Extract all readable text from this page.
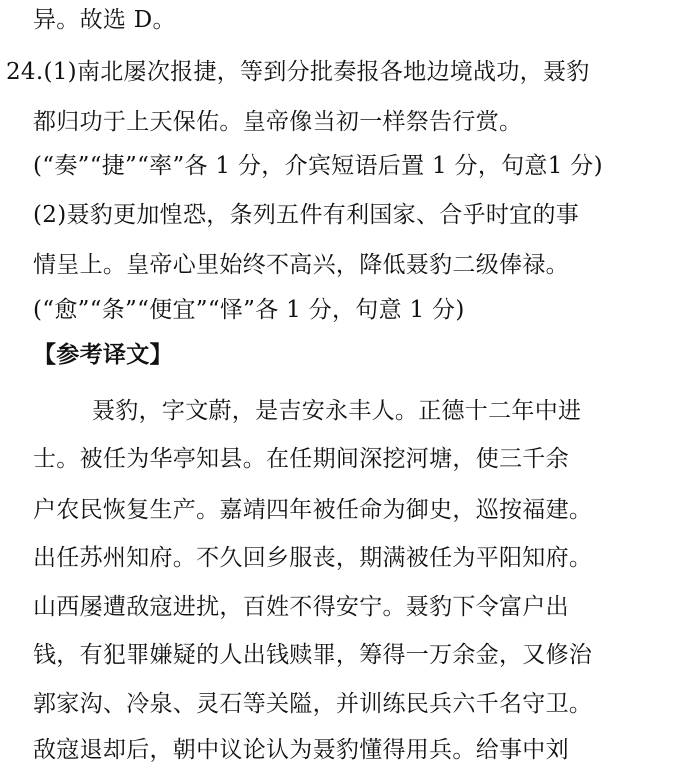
异。故选 D。
24.(1)南北屡次报捷，等到分批奏报各地边境战功，聂豹
都归功于上天保佑。皇帝像当初一样祭告行赏。
(“奏”“捷”“率”各 1 分，介宾短语后置 1 分，句意1 分)
(2)聂豹更加惶恐，条列五件有利国家、合乎时宜的事
情呈上。皇帝心里始终不高兴，降低聂豹二级俸禄。
(“愈”“条”“便宜”“怿”各 1 分，句意 1 分)
【参考译文】
聂豹，字文蔚，是吉安永丰人。正德十二年中进
士。被任为华亭知县。在任期间深挖河塘，使三千余
户农民恢复生产。嘉靖四年被任命为御史，巡按福建。
出任苏州知府。不久回乡服丧，期满被任为平阳知府。
山西屡遭敌寇进扰，百姓不得安宁。聂豹下令富户出
钱，有犯罪嫌疑的人出钱赎罪，筹得一万余金，又修治
郭家沟、冷泉、灵石等关隘，并训练民兵六千名守卫。
敌寇退却后，朝中议论认为聂豹懂得用兵。给事中刘
